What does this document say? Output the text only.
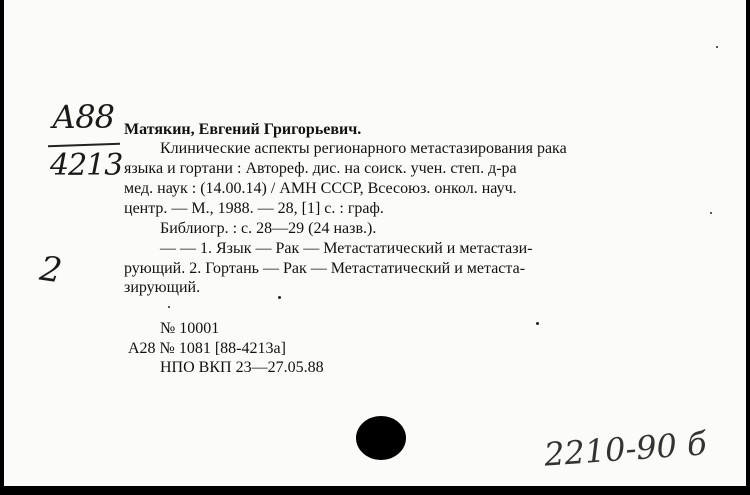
А88
4213
2
Матякин, Евгений Григорьевич.
Клинические аспекты регионарного метастазирования рака
языка и гортани : Автореф. дис. на соиск. учен. степ. д-ра
мед. наук : (14.00.14) / АМН СССР, Всесоюз. онкол. науч.
центр. — М., 1988. — 28, [1] с. : граф.
Библиогр. : с. 28—29 (24 назв.).
— — 1. Язык — Рак — Метастатический и метастази-
рующий. 2. Гортань — Рак — Метастатический и метаста-
зирующий.
№ 10001
А28 № 1081 [88-4213а]
НПО ВКП 23—27.05.88
2210-90 б
